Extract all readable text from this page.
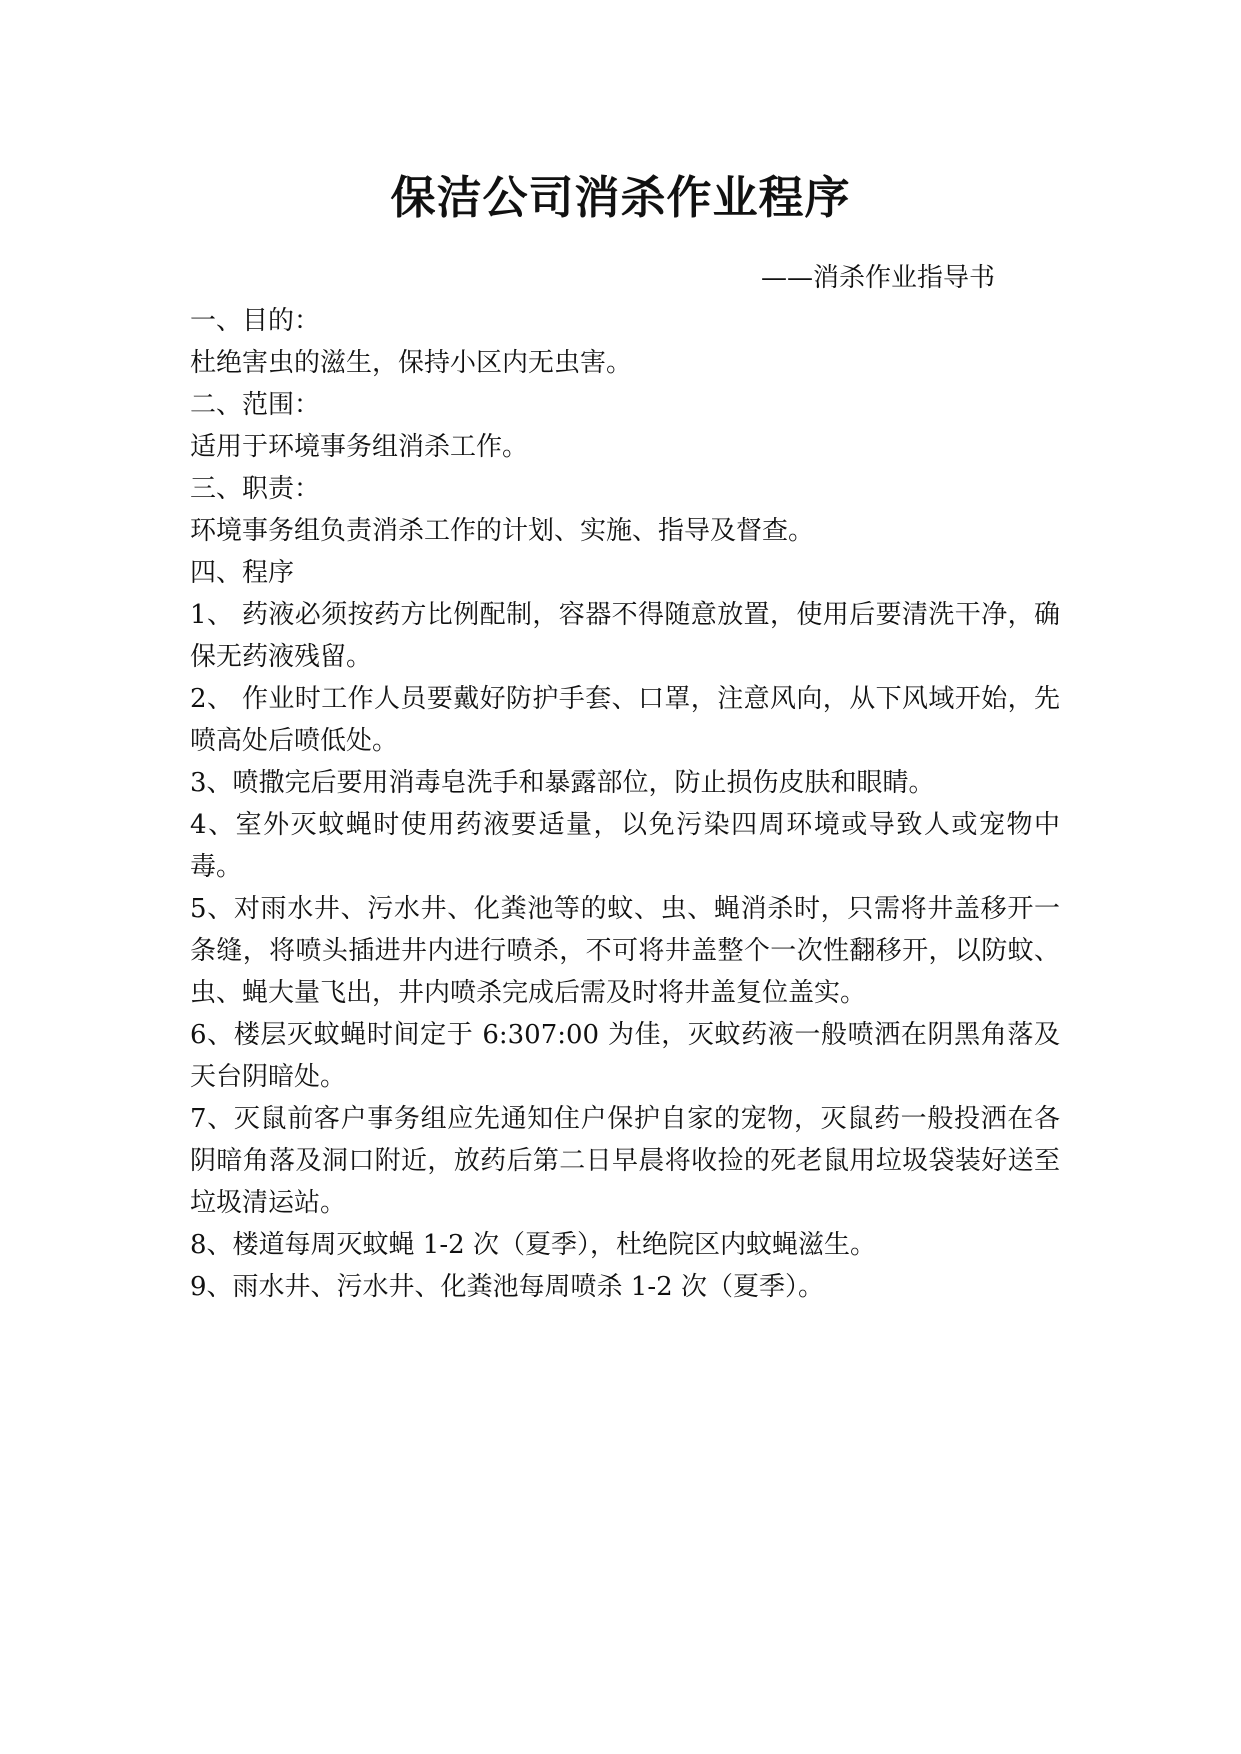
保洁公司消杀作业程序
——消杀作业指导书

一、目的：

杜绝害虫的滋生，保持小区内无虫害。

二、范围：

适用于环境事务组消杀工作。

三、职责：

环境事务组负责消杀工作的计划、实施、指导及督查。

四、程序

1、 药液必须按药方比例配制，容器不得随意放置，使用后要清洗干净，确保无药液残留。

2、 作业时工作人员要戴好防护手套、口罩，注意风向，从下风域开始，先喷高处后喷低处。

3、喷撒完后要用消毒皂洗手和暴露部位，防止损伤皮肤和眼睛。

4、室外灭蚊蝇时使用药液要适量，以免污染四周环境或导致人或宠物中毒。

5、对雨水井、污水井、化粪池等的蚊、虫、蝇消杀时，只需将井盖移开一条缝，将喷头插进井内进行喷杀，不可将井盖整个一次性翻移开，以防蚊、虫、蝇大量飞出，井内喷杀完成后需及时将井盖复位盖实。

6、楼层灭蚊蝇时间定于 6:307:00 为佳，灭蚊药液一般喷洒在阴黑角落及天台阴暗处。

7、灭鼠前客户事务组应先通知住户保护自家的宠物，灭鼠药一般投洒在各阴暗角落及洞口附近，放药后第二日早晨将收捡的死老鼠用垃圾袋装好送至垃圾清运站。

8、楼道每周灭蚊蝇 1-2 次（夏季），杜绝院区内蚊蝇滋生。

9、雨水井、污水井、化粪池每周喷杀 1-2 次（夏季）。
